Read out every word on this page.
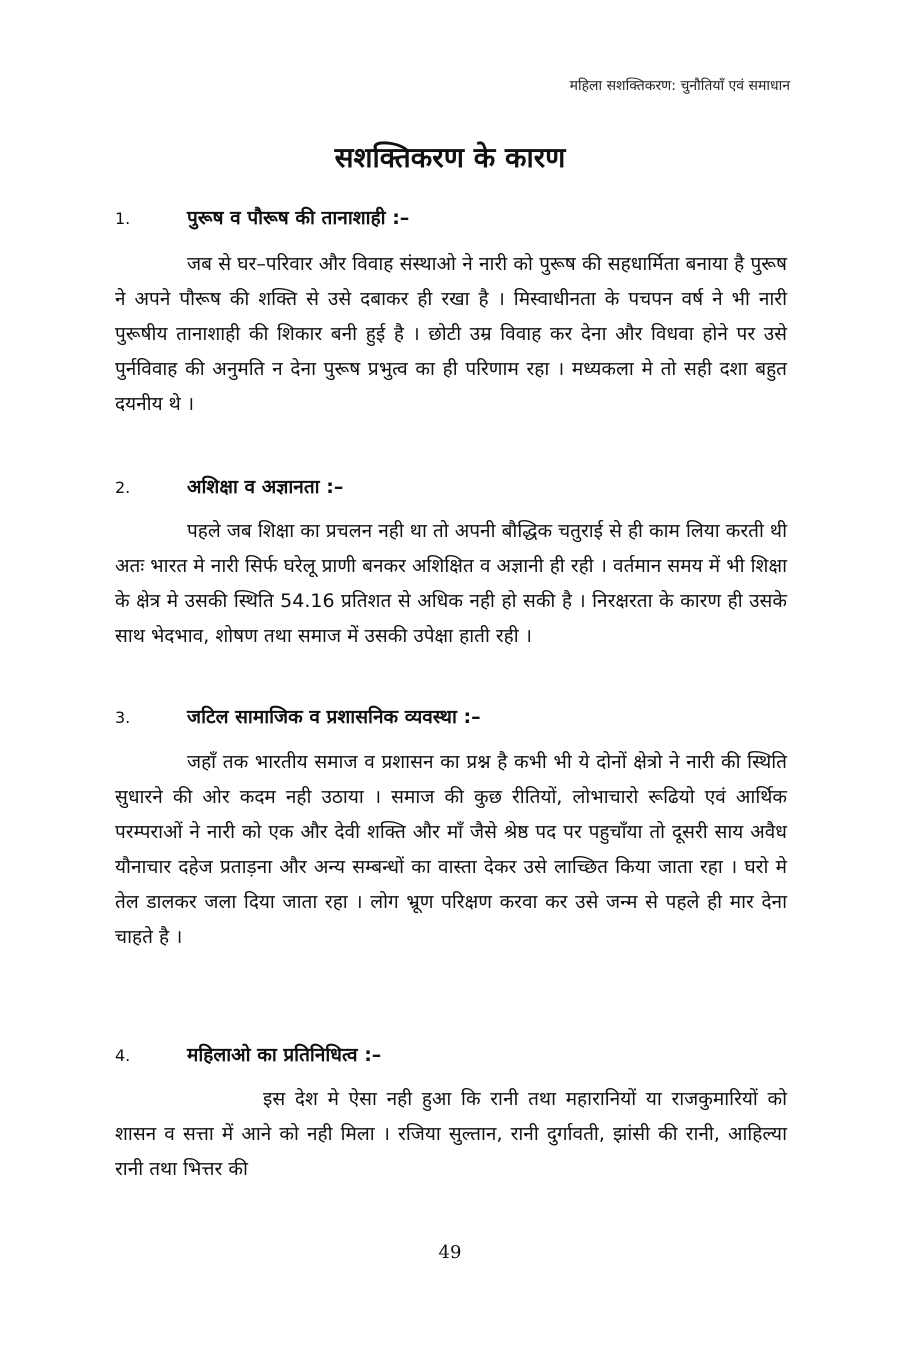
महिला सशक्तिकरण: चुनौतियाँ एवं समाधान
सशक्तिकरण के कारण
1.	पुरूष व पौरूष की तानाशाही :–

जब से घर–परिवार और विवाह संस्थाओ ने नारी को पुरूष की सहधार्मिता बनाया है पुरूष ने अपने पौरूष की शक्ति से उसे दबाकर ही रखा है । मिस्वाधीनता के पचपन वर्ष ने भी नारी पुरूषीय तानाशाही की शिकार बनी हुई है । छोटी उम्र विवाह कर देना और विधवा होने पर उसे पुर्नविवाह की अनुमति न देना पुरूष प्रभुत्व का ही परिणाम रहा । मध्यकला मे तो सही दशा बहुत दयनीय थे ।

2.	अशिक्षा व अज्ञानता :–

पहले जब शिक्षा का प्रचलन नही था तो अपनी बौद्धिक चतुराई से ही काम लिया करती थी अतः भारत मे नारी सिर्फ घरेलू प्राणी बनकर अशिक्षित व अज्ञानी ही रही । वर्तमान समय में भी शिक्षा के क्षेत्र मे उसकी स्थिति 54.16 प्रतिशत से अधिक नही हो सकी है । निरक्षरता के कारण ही उसके साथ भेदभाव, शोषण तथा समाज में उसकी उपेक्षा हाती रही ।

3.	जटिल सामाजिक व प्रशासनिक व्यवस्था :–

जहाँ तक भारतीय समाज व प्रशासन का प्रश्न है कभी भी ये दोनों क्षेत्रो ने नारी की स्थिति सुधारने की ओर कदम नही उठाया । समाज की कुछ रीतियों, लोभाचारो रूढियो एवं आर्थिक परम्पराओं ने नारी को एक और देवी शक्ति और माँ जैसे श्रेष्ठ पद पर पहुचाँया तो दूसरी साय अवैध यौनाचार दहेज प्रताड़ना और अन्य सम्बन्धों का वास्ता देकर उसे लाच्छित किया जाता रहा । घरो मे तेल डालकर जला दिया जाता रहा । लोग भ्रूण परिक्षण करवा कर उसे जन्म से पहले ही मार देना चाहते है ।

4.	महिलाओ का प्रतिनिधित्व :–

इस देश मे ऐसा नही हुआ कि रानी तथा महारानियों या राजकुमारियों को शासन व सत्ता में आने को नही मिला । रजिया सुल्तान, रानी दुर्गावती, झांसी की रानी, आहिल्या रानी तथा भित्तर की

49
